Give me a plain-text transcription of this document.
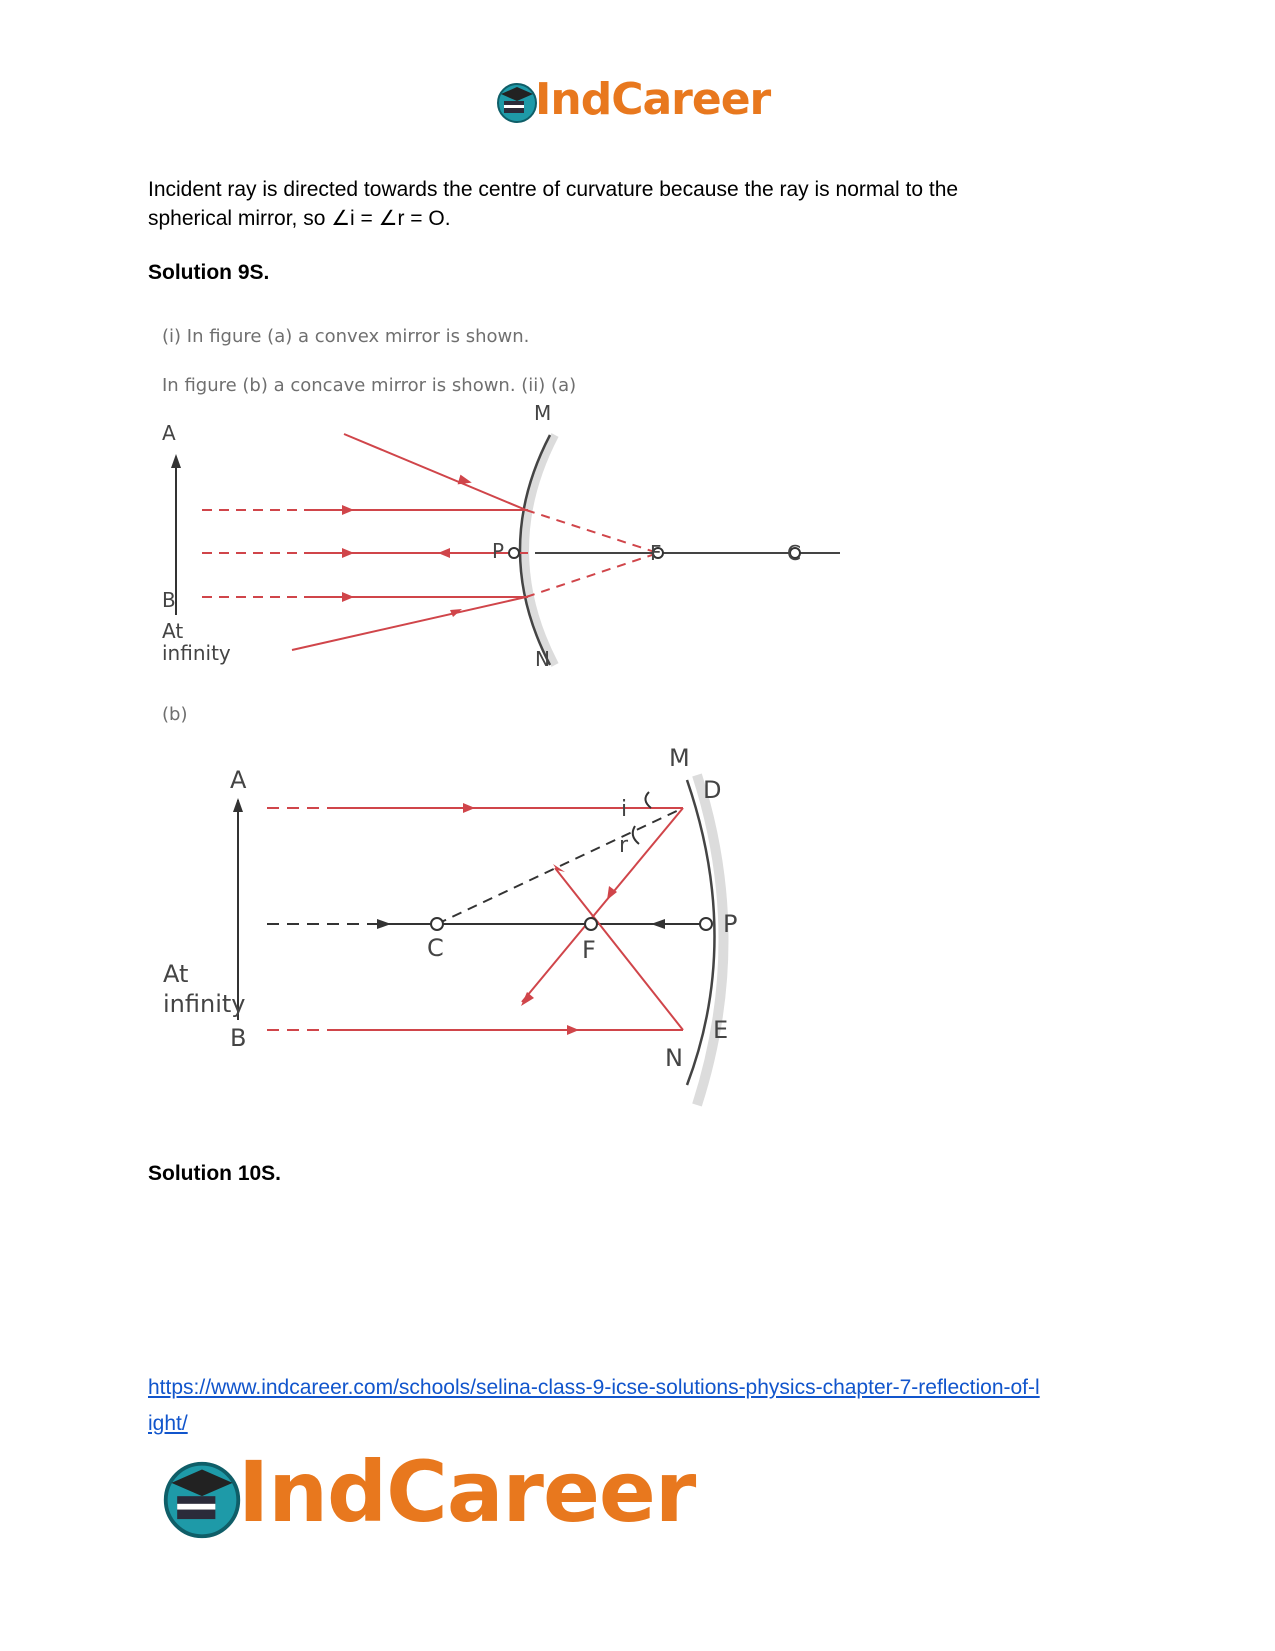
IndCareer
Incident ray is directed towards the centre of curvature because the ray is normal to the
spherical mirror, so ∠i = ∠r = O.
Solution 9S.
(i) In figure (a) a convex mirror is shown.
In figure (b) a concave mirror is shown. (ii) (a)
A
B
M
N
P	F	C
At
infinity
(b)
A
B
M
D
P
C	F
i
r
E
N
At
infinity
Solution 10S.
https://www.indcareer.com/schools/selina-class-9-icse-solutions-physics-chapter-7-reflection-of-l
ight/
IndCareer
